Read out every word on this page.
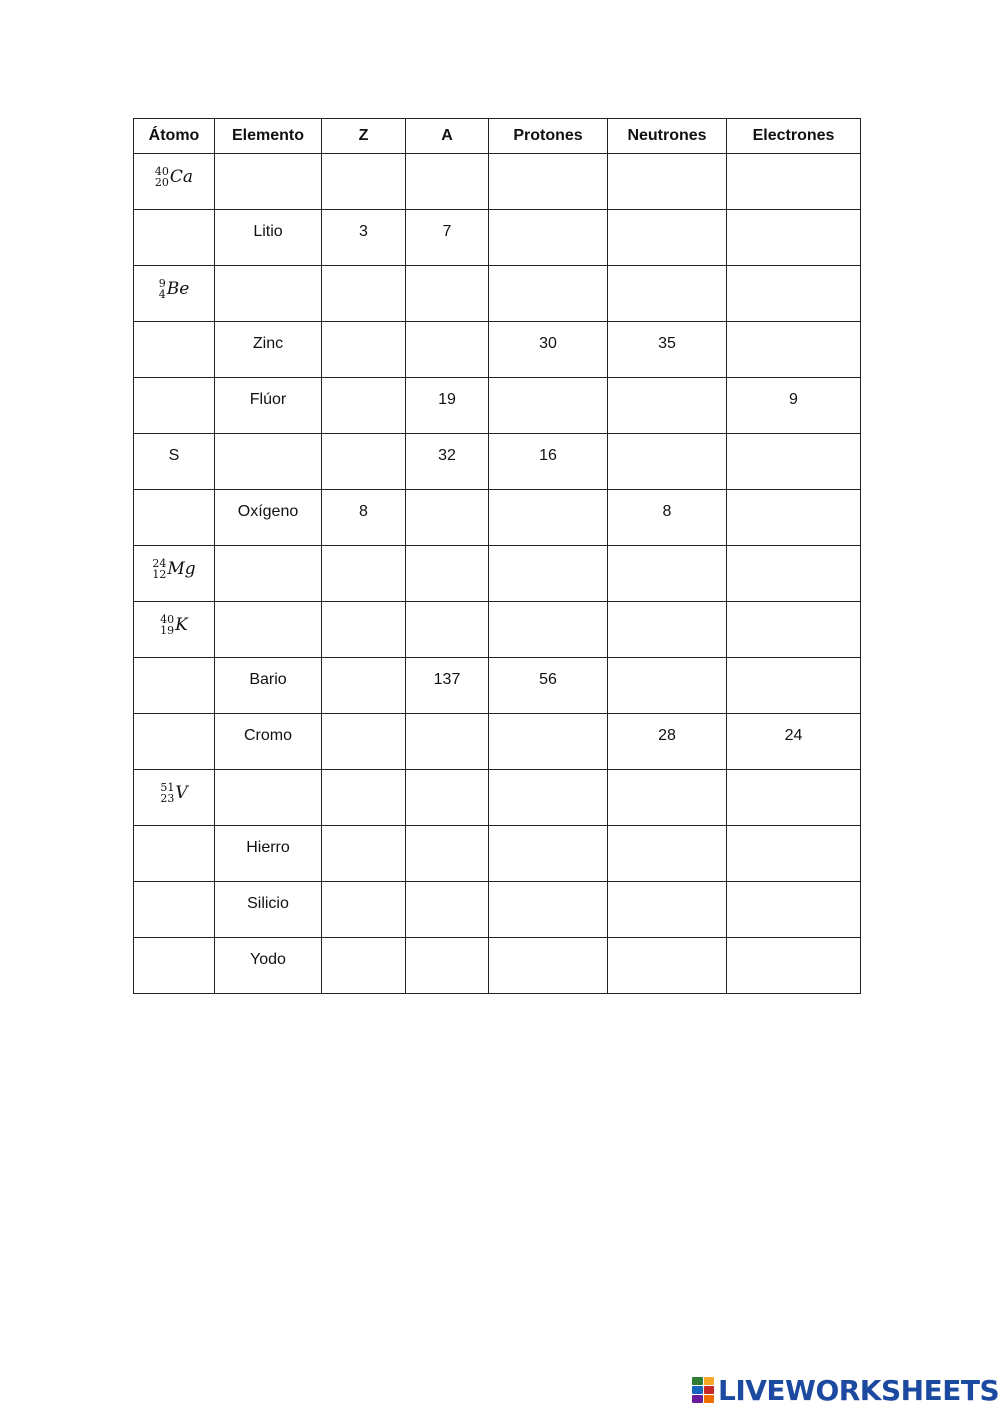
Átomo	Elemento	Z	A	Protones	Neutrones	Electrones

40
20 Ca						

	Litio	3	7			

9
4 Be						

	Zinc			30	35	
	Flúor		19			9
S			32	16		
	Oxígeno	8			8	

24
12 Mg						

40
19 K						

	Bario		137	56		
	Cromo				28	24

51
23 V						

	Hierro					
	Silicio					
	Yodo					
LIVEWORKSHEETS
